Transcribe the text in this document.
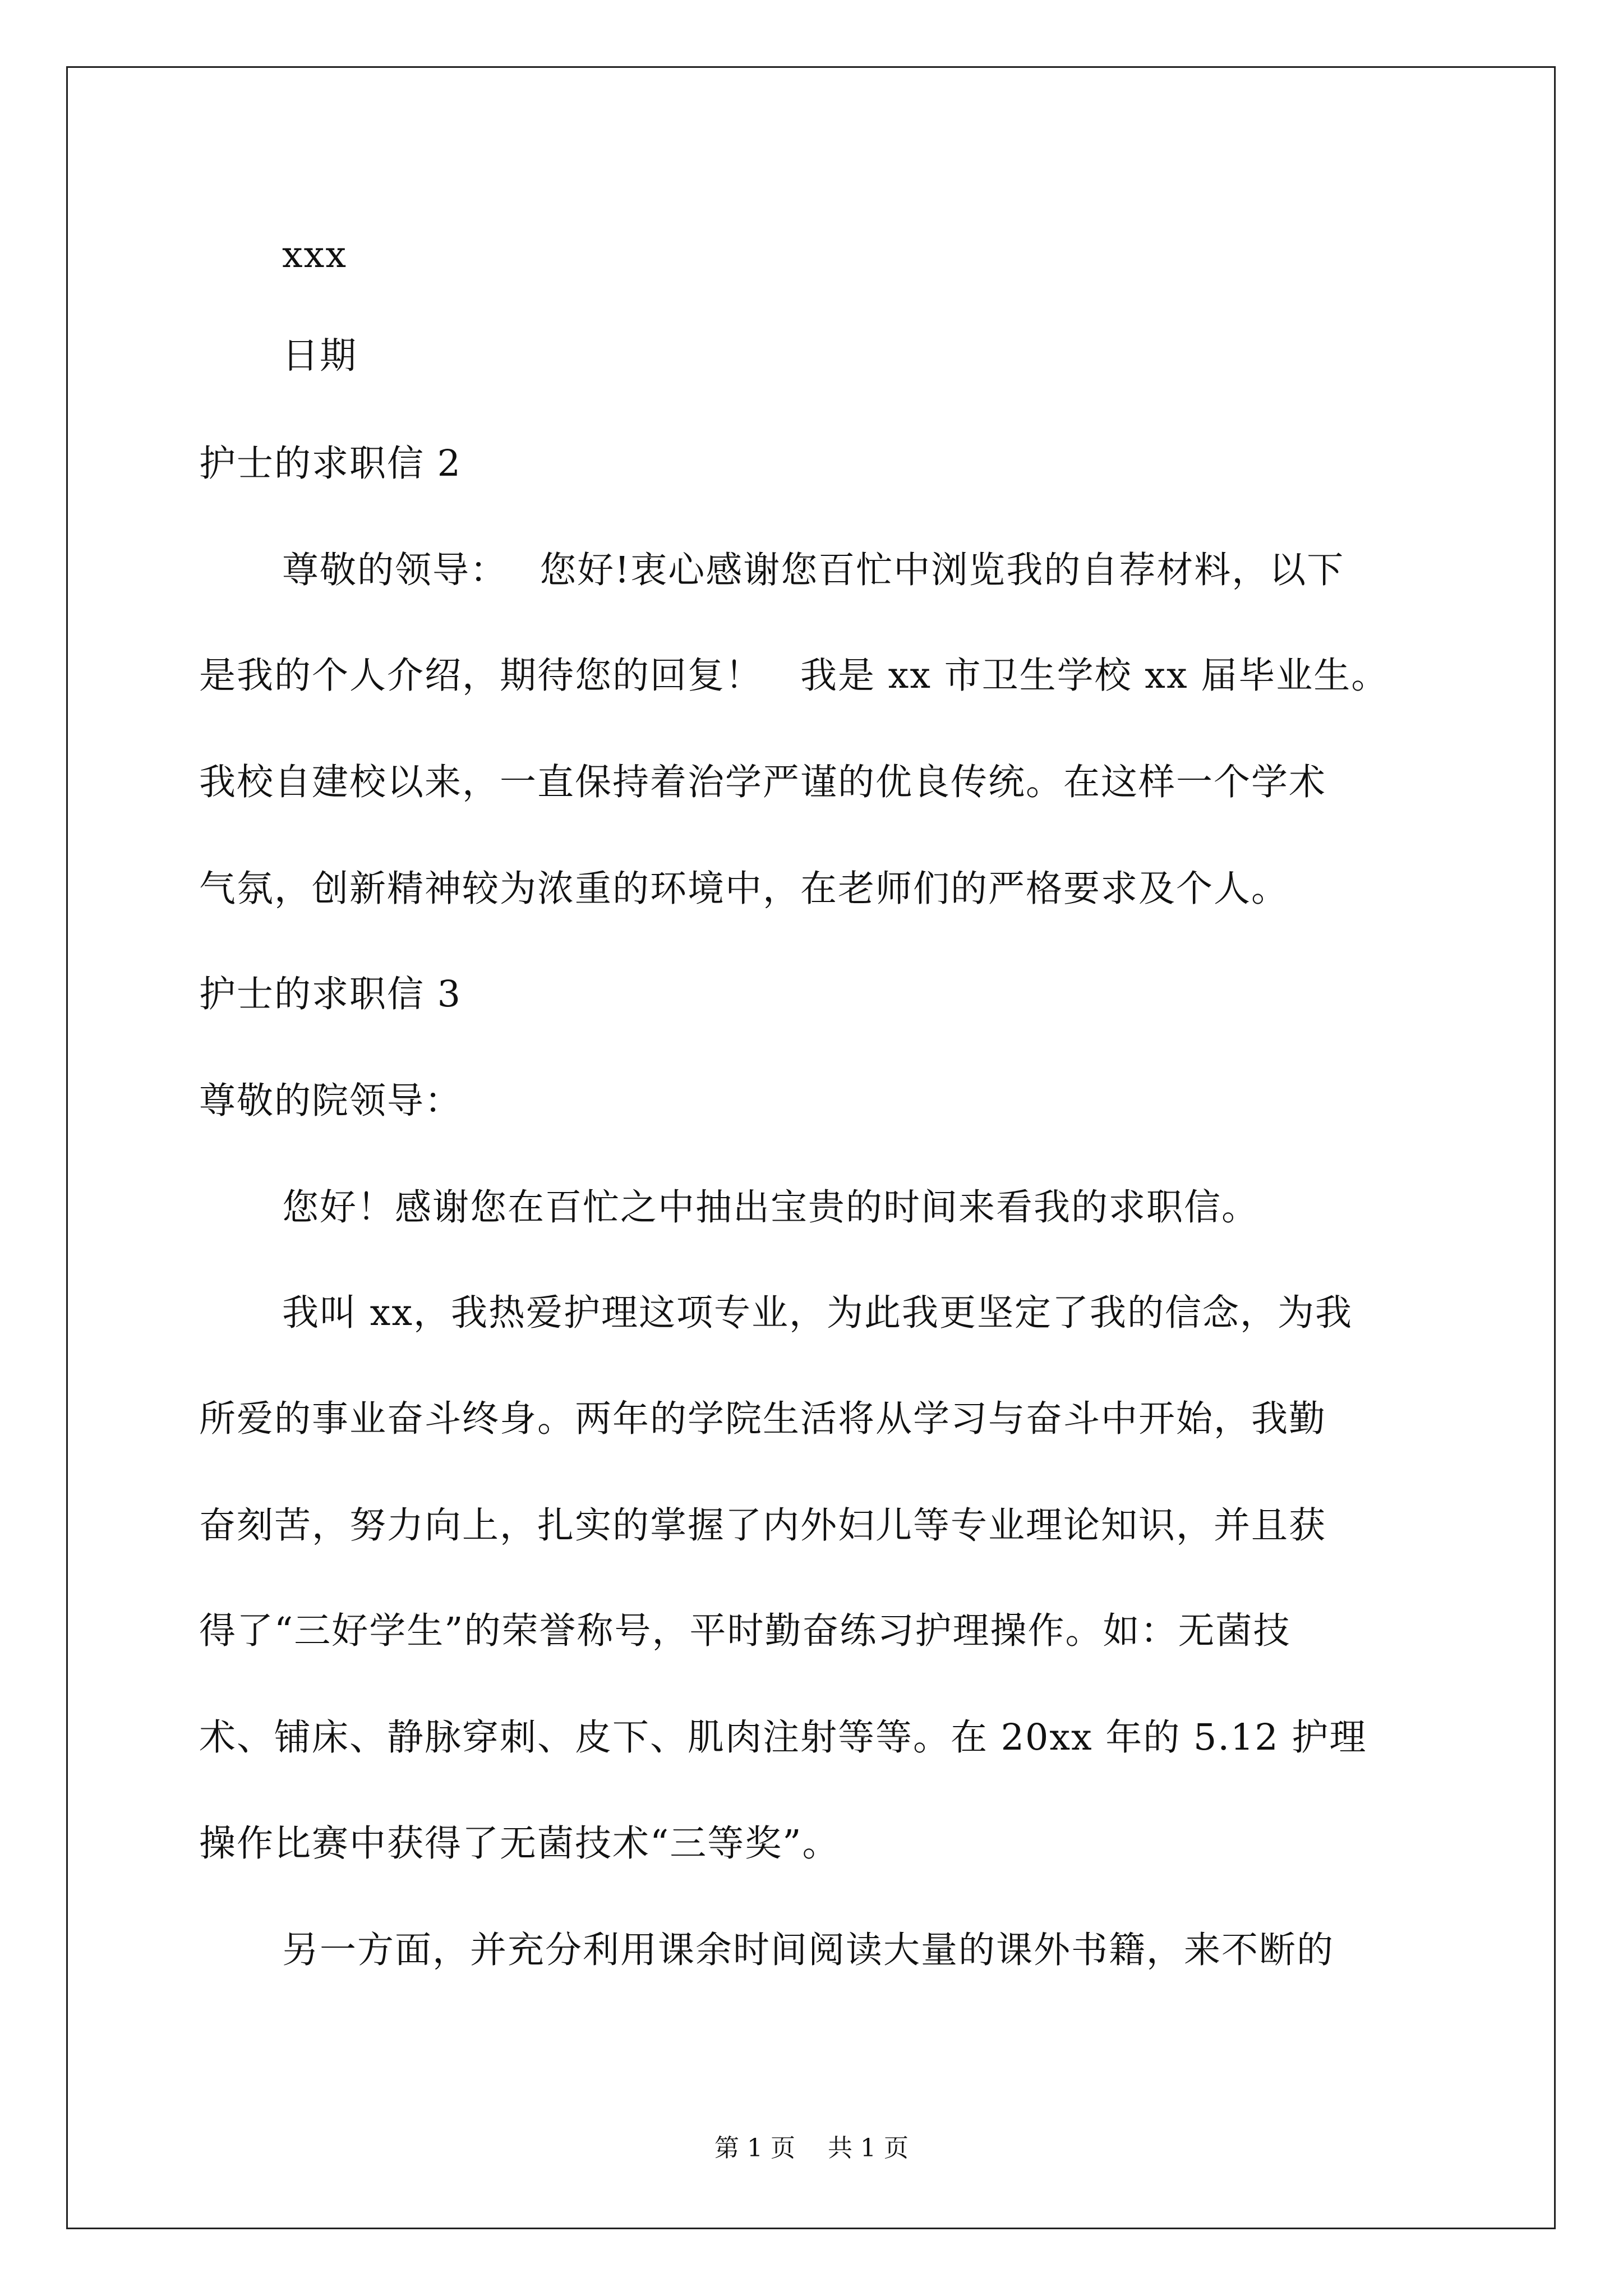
xxx
日期
护士的求职信 2
尊敬的领导：　 您好!衷心感谢您百忙中浏览我的自荐材料，以下
是我的个人介绍，期待您的回复！　我是 xx 市卫生学校 xx 届毕业生。
我校自建校以来，一直保持着治学严谨的优良传统。在这样一个学术
气氛，创新精神较为浓重的环境中，在老师们的严格要求及个人。
护士的求职信 3
尊敬的院领导：
您好！感谢您在百忙之中抽出宝贵的时间来看我的求职信。
我叫 xx，我热爱护理这项专业，为此我更坚定了我的信念，为我
所爱的事业奋斗终身。两年的学院生活将从学习与奋斗中开始，我勤
奋刻苦，努力向上，扎实的掌握了内外妇儿等专业理论知识，并且获
得了“三好学生”的荣誉称号，平时勤奋练习护理操作。如：无菌技
术、铺床、静脉穿刺、皮下、肌肉注射等等。在 20xx 年的 5.12 护理
操作比赛中获得了无菌技术“三等奖”。
另一方面，并充分利用课余时间阅读大量的课外书籍，来不断的
第 1 页　 共 1 页
